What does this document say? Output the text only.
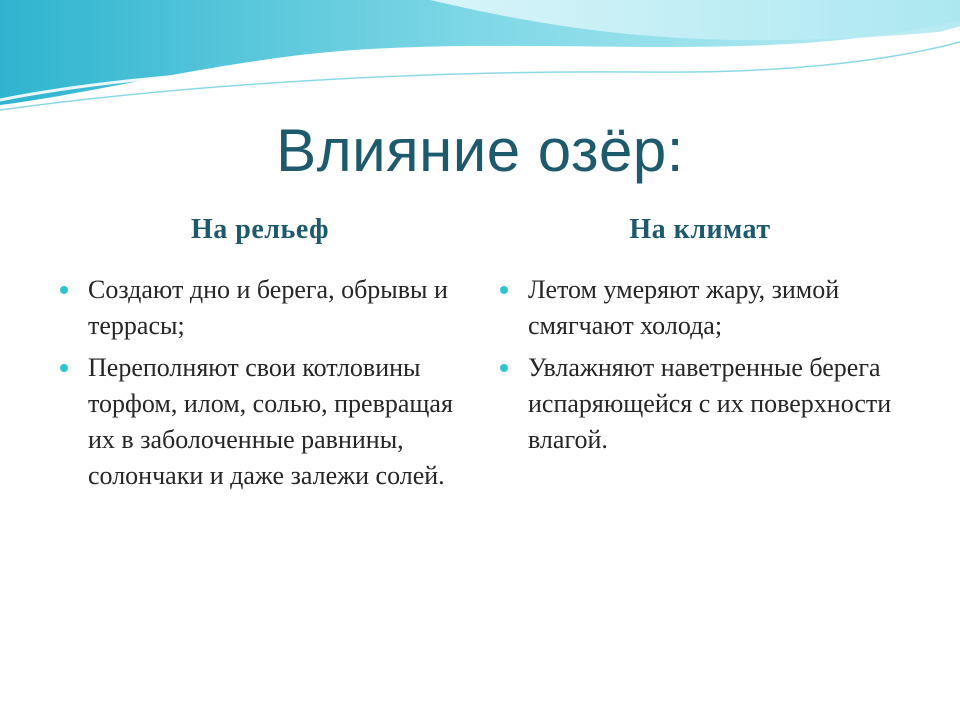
Влияние озёр:
На рельеф
Создают дно и берега, обрывы и террасы;
Переполняют свои котловины торфом, илом, солью, превращая их в заболоченные равнины, солончаки и даже залежи солей.
На климат
Летом умеряют жару, зимой смягчают холода;
Увлажняют наветренные берега испаряющейся с их поверхности влагой.
